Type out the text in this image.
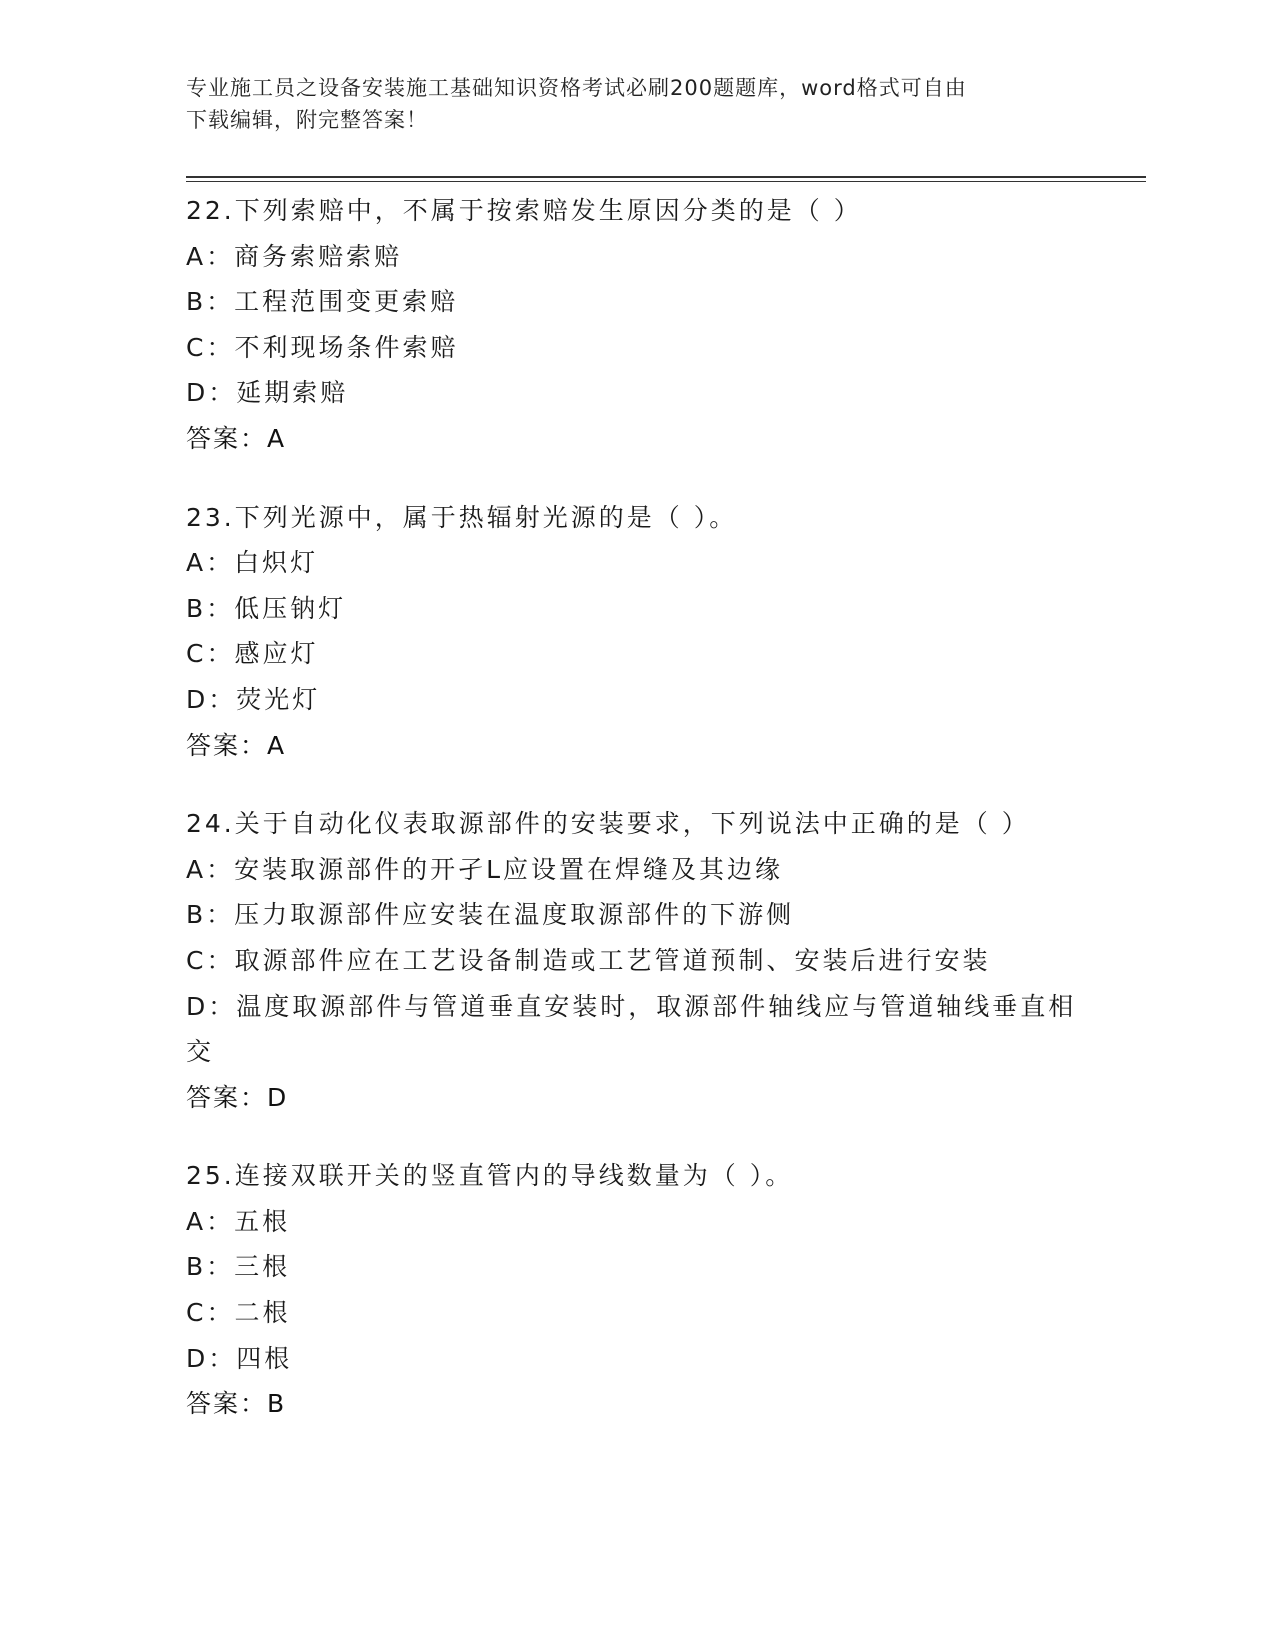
专业施工员之设备安装施工基础知识资格考试必刷200题题库，word格式可自由
下载编辑，附完整答案！
22.下列索赔中，不属于按索赔发生原因分类的是（ ）
A：商务索赔索赔
B：工程范围变更索赔
C：不利现场条件索赔
D：延期索赔
答案：A
23.下列光源中，属于热辐射光源的是（ ）。
A：白炽灯
B：低压钠灯
C：感应灯
D：荧光灯
答案：A
24.关于自动化仪表取源部件的安装要求，下列说法中正确的是（ ）
A：安装取源部件的开孑L应设置在焊缝及其边缘
B：压力取源部件应安装在温度取源部件的下游侧
C：取源部件应在工艺设备制造或工艺管道预制、安装后进行安装
D：温度取源部件与管道垂直安装时，取源部件轴线应与管道轴线垂直相交
答案：D
25.连接双联开关的竖直管内的导线数量为（ ）。
A：五根
B：三根
C：二根
D：四根
答案：B
